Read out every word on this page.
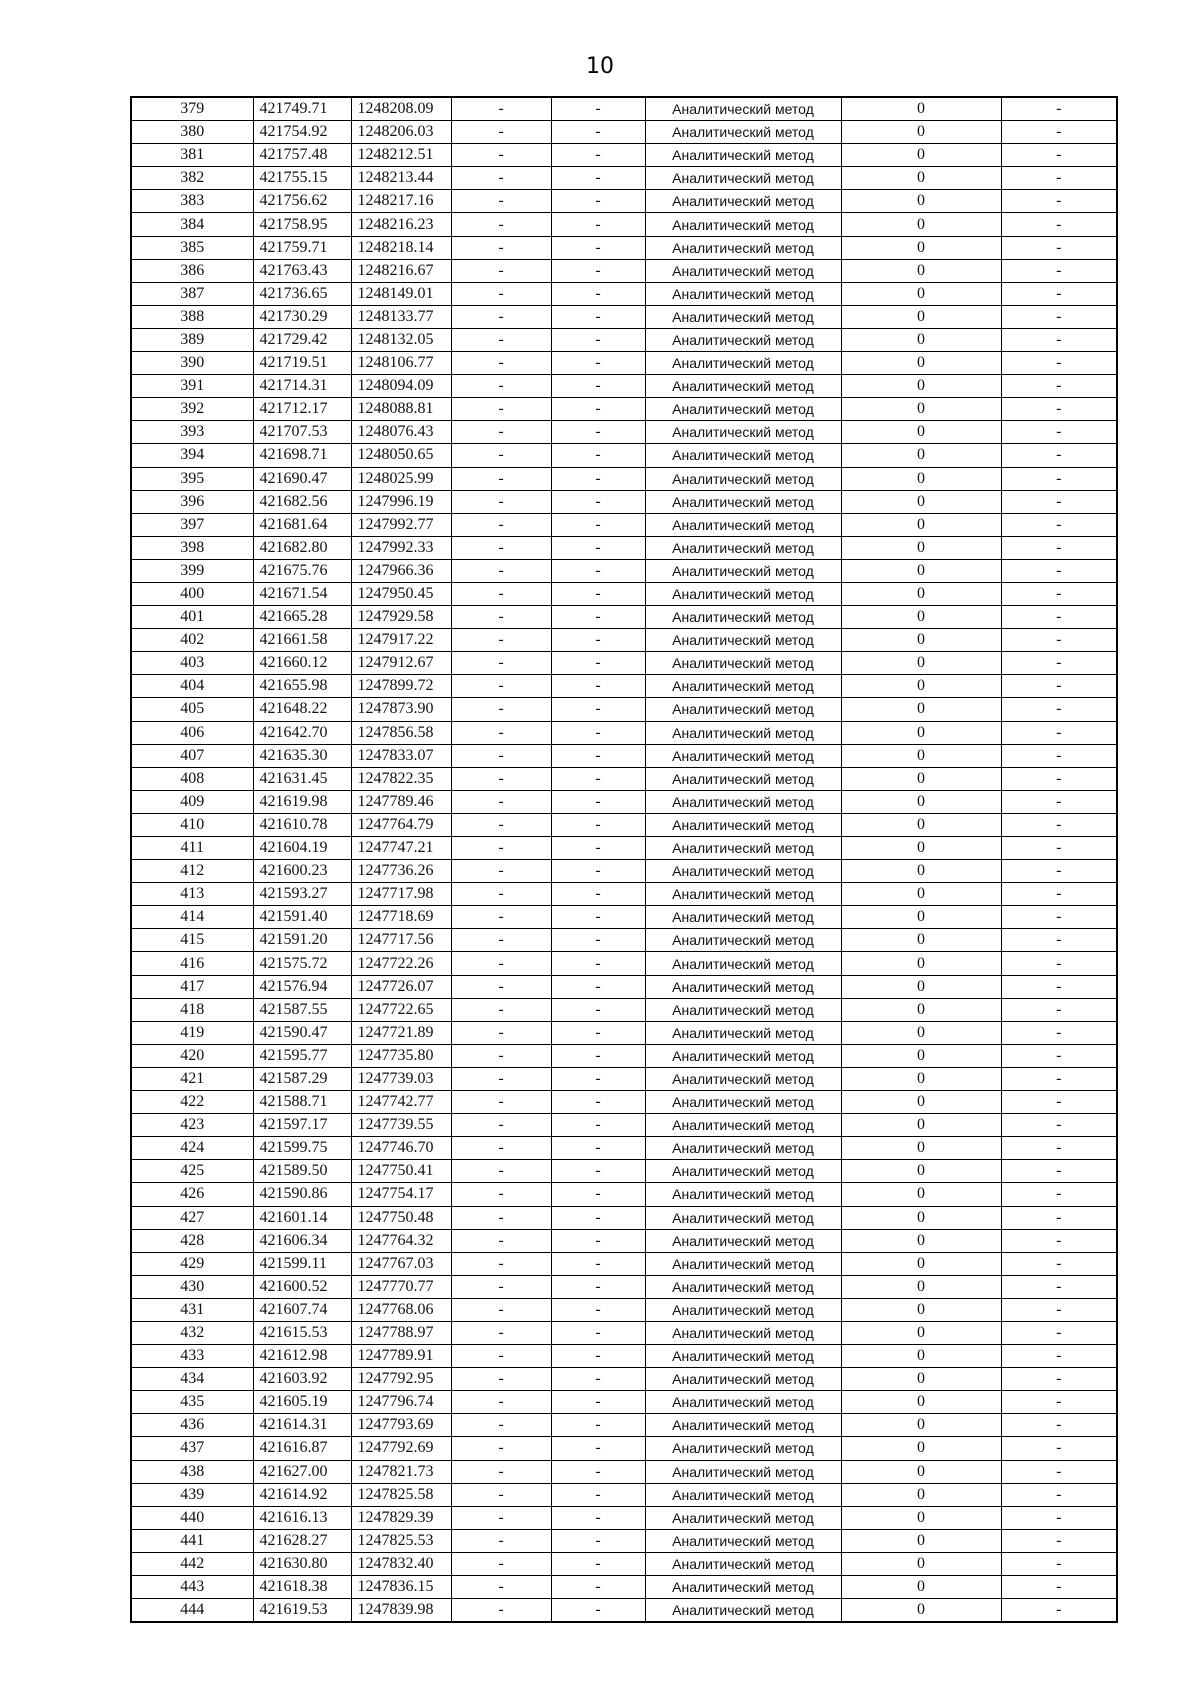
10
379	421749.71	1248208.09	-	-	Аналитический метод	0	-
380	421754.92	1248206.03	-	-	Аналитический метод	0	-
381	421757.48	1248212.51	-	-	Аналитический метод	0	-
382	421755.15	1248213.44	-	-	Аналитический метод	0	-
383	421756.62	1248217.16	-	-	Аналитический метод	0	-
384	421758.95	1248216.23	-	-	Аналитический метод	0	-
385	421759.71	1248218.14	-	-	Аналитический метод	0	-
386	421763.43	1248216.67	-	-	Аналитический метод	0	-
387	421736.65	1248149.01	-	-	Аналитический метод	0	-
388	421730.29	1248133.77	-	-	Аналитический метод	0	-
389	421729.42	1248132.05	-	-	Аналитический метод	0	-
390	421719.51	1248106.77	-	-	Аналитический метод	0	-
391	421714.31	1248094.09	-	-	Аналитический метод	0	-
392	421712.17	1248088.81	-	-	Аналитический метод	0	-
393	421707.53	1248076.43	-	-	Аналитический метод	0	-
394	421698.71	1248050.65	-	-	Аналитический метод	0	-
395	421690.47	1248025.99	-	-	Аналитический метод	0	-
396	421682.56	1247996.19	-	-	Аналитический метод	0	-
397	421681.64	1247992.77	-	-	Аналитический метод	0	-
398	421682.80	1247992.33	-	-	Аналитический метод	0	-
399	421675.76	1247966.36	-	-	Аналитический метод	0	-
400	421671.54	1247950.45	-	-	Аналитический метод	0	-
401	421665.28	1247929.58	-	-	Аналитический метод	0	-
402	421661.58	1247917.22	-	-	Аналитический метод	0	-
403	421660.12	1247912.67	-	-	Аналитический метод	0	-
404	421655.98	1247899.72	-	-	Аналитический метод	0	-
405	421648.22	1247873.90	-	-	Аналитический метод	0	-
406	421642.70	1247856.58	-	-	Аналитический метод	0	-
407	421635.30	1247833.07	-	-	Аналитический метод	0	-
408	421631.45	1247822.35	-	-	Аналитический метод	0	-
409	421619.98	1247789.46	-	-	Аналитический метод	0	-
410	421610.78	1247764.79	-	-	Аналитический метод	0	-
411	421604.19	1247747.21	-	-	Аналитический метод	0	-
412	421600.23	1247736.26	-	-	Аналитический метод	0	-
413	421593.27	1247717.98	-	-	Аналитический метод	0	-
414	421591.40	1247718.69	-	-	Аналитический метод	0	-
415	421591.20	1247717.56	-	-	Аналитический метод	0	-
416	421575.72	1247722.26	-	-	Аналитический метод	0	-
417	421576.94	1247726.07	-	-	Аналитический метод	0	-
418	421587.55	1247722.65	-	-	Аналитический метод	0	-
419	421590.47	1247721.89	-	-	Аналитический метод	0	-
420	421595.77	1247735.80	-	-	Аналитический метод	0	-
421	421587.29	1247739.03	-	-	Аналитический метод	0	-
422	421588.71	1247742.77	-	-	Аналитический метод	0	-
423	421597.17	1247739.55	-	-	Аналитический метод	0	-
424	421599.75	1247746.70	-	-	Аналитический метод	0	-
425	421589.50	1247750.41	-	-	Аналитический метод	0	-
426	421590.86	1247754.17	-	-	Аналитический метод	0	-
427	421601.14	1247750.48	-	-	Аналитический метод	0	-
428	421606.34	1247764.32	-	-	Аналитический метод	0	-
429	421599.11	1247767.03	-	-	Аналитический метод	0	-
430	421600.52	1247770.77	-	-	Аналитический метод	0	-
431	421607.74	1247768.06	-	-	Аналитический метод	0	-
432	421615.53	1247788.97	-	-	Аналитический метод	0	-
433	421612.98	1247789.91	-	-	Аналитический метод	0	-
434	421603.92	1247792.95	-	-	Аналитический метод	0	-
435	421605.19	1247796.74	-	-	Аналитический метод	0	-
436	421614.31	1247793.69	-	-	Аналитический метод	0	-
437	421616.87	1247792.69	-	-	Аналитический метод	0	-
438	421627.00	1247821.73	-	-	Аналитический метод	0	-
439	421614.92	1247825.58	-	-	Аналитический метод	0	-
440	421616.13	1247829.39	-	-	Аналитический метод	0	-
441	421628.27	1247825.53	-	-	Аналитический метод	0	-
442	421630.80	1247832.40	-	-	Аналитический метод	0	-
443	421618.38	1247836.15	-	-	Аналитический метод	0	-
444	421619.53	1247839.98	-	-	Аналитический метод	0	-
